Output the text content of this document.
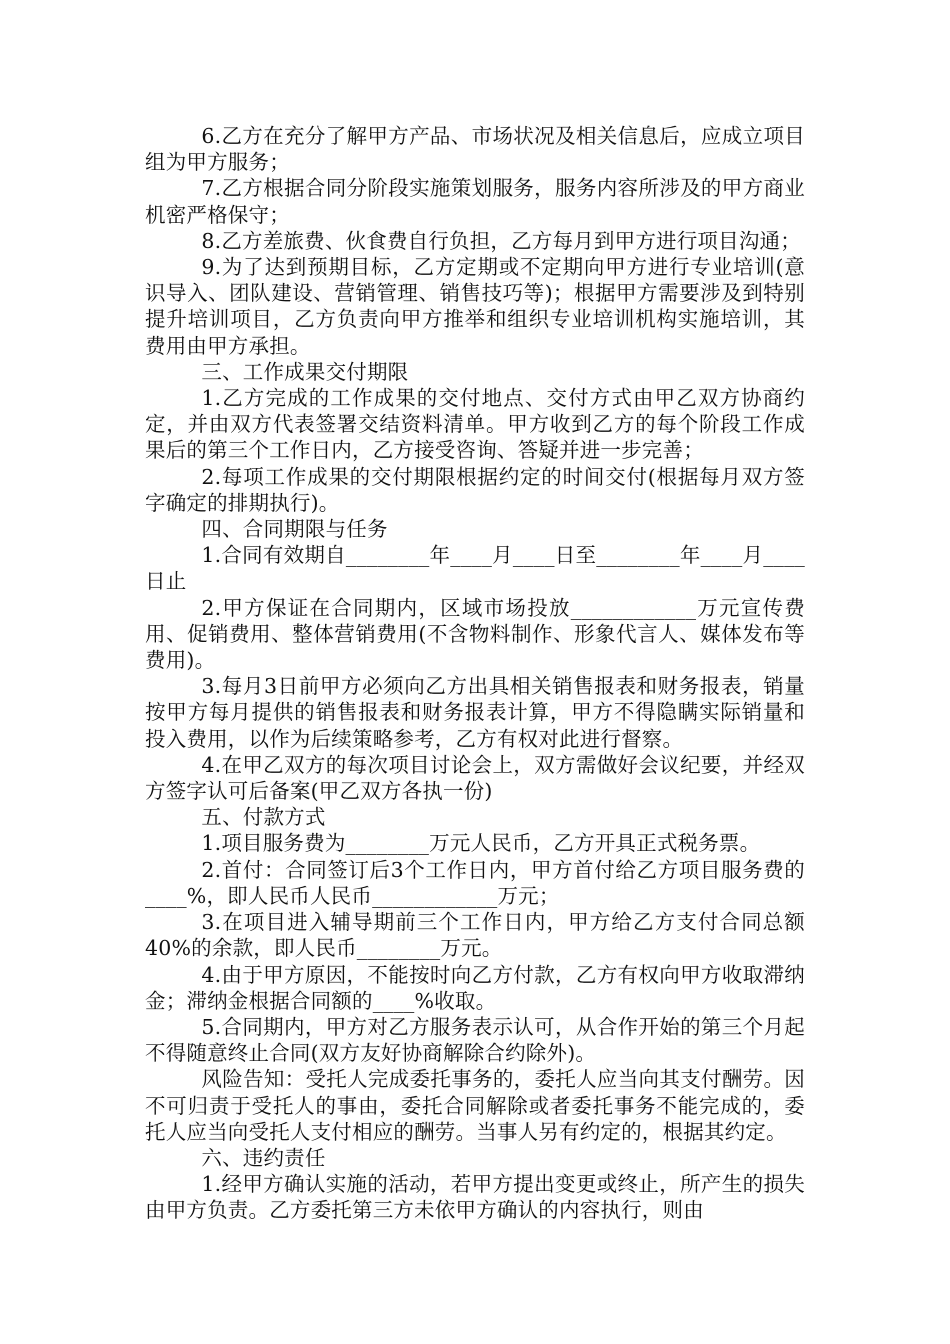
6.乙方在充分了解甲方产品、市场状况及相关信息后，应成立项目组为甲方服务；

7.乙方根据合同分阶段实施策划服务，服务内容所涉及的甲方商业机密严格保守；

8.乙方差旅费、伙食费自行负担，乙方每月到甲方进行项目沟通；

9.为了达到预期目标，乙方定期或不定期向甲方进行专业培训(意识导入、团队建设、营销管理、销售技巧等)；根据甲方需要涉及到特别提升培训项目，乙方负责向甲方推举和组织专业培训机构实施培训，其费用由甲方承担。

三、工作成果交付期限

1.乙方完成的工作成果的交付地点、交付方式由甲乙双方协商约定，并由双方代表签署交结资料清单。甲方收到乙方的每个阶段工作成果后的第三个工作日内，乙方接受咨询、答疑并进一步完善；

2.每项工作成果的交付期限根据约定的时间交付(根据每月双方签字确定的排期执行)。

四、合同期限与任务

1.合同有效期自________年____月____日至________年____月____日止

2.甲方保证在合同期内，区域市场投放____________万元宣传费用、促销费用、整体营销费用(不含物料制作、形象代言人、媒体发布等费用)。

3.每月3日前甲方必须向乙方出具相关销售报表和财务报表，销量按甲方每月提供的销售报表和财务报表计算，甲方不得隐瞒实际销量和投入费用，以作为后续策略参考，乙方有权对此进行督察。

4.在甲乙双方的每次项目讨论会上，双方需做好会议纪要，并经双方签字认可后备案(甲乙双方各执一份)

五、付款方式

1.项目服务费为________万元人民币，乙方开具正式税务票。

2.首付：合同签订后3个工作日内，甲方首付给乙方项目服务费的____%，即人民币人民币____________万元；

3.在项目进入辅导期前三个工作日内，甲方给乙方支付合同总额40%的余款，即人民币________万元。

4.由于甲方原因，不能按时向乙方付款，乙方有权向甲方收取滞纳金；滞纳金根据合同额的____%收取。

5.合同期内，甲方对乙方服务表示认可，从合作开始的第三个月起不得随意终止合同(双方友好协商解除合约除外)。

风险告知：受托人完成委托事务的，委托人应当向其支付酬劳。因不可归责于受托人的事由，委托合同解除或者委托事务不能完成的，委托人应当向受托人支付相应的酬劳。当事人另有约定的，根据其约定。

六、违约责任

1.经甲方确认实施的活动，若甲方提出变更或终止，所产生的损失由甲方负责。乙方委托第三方未依甲方确认的内容执行，则由
